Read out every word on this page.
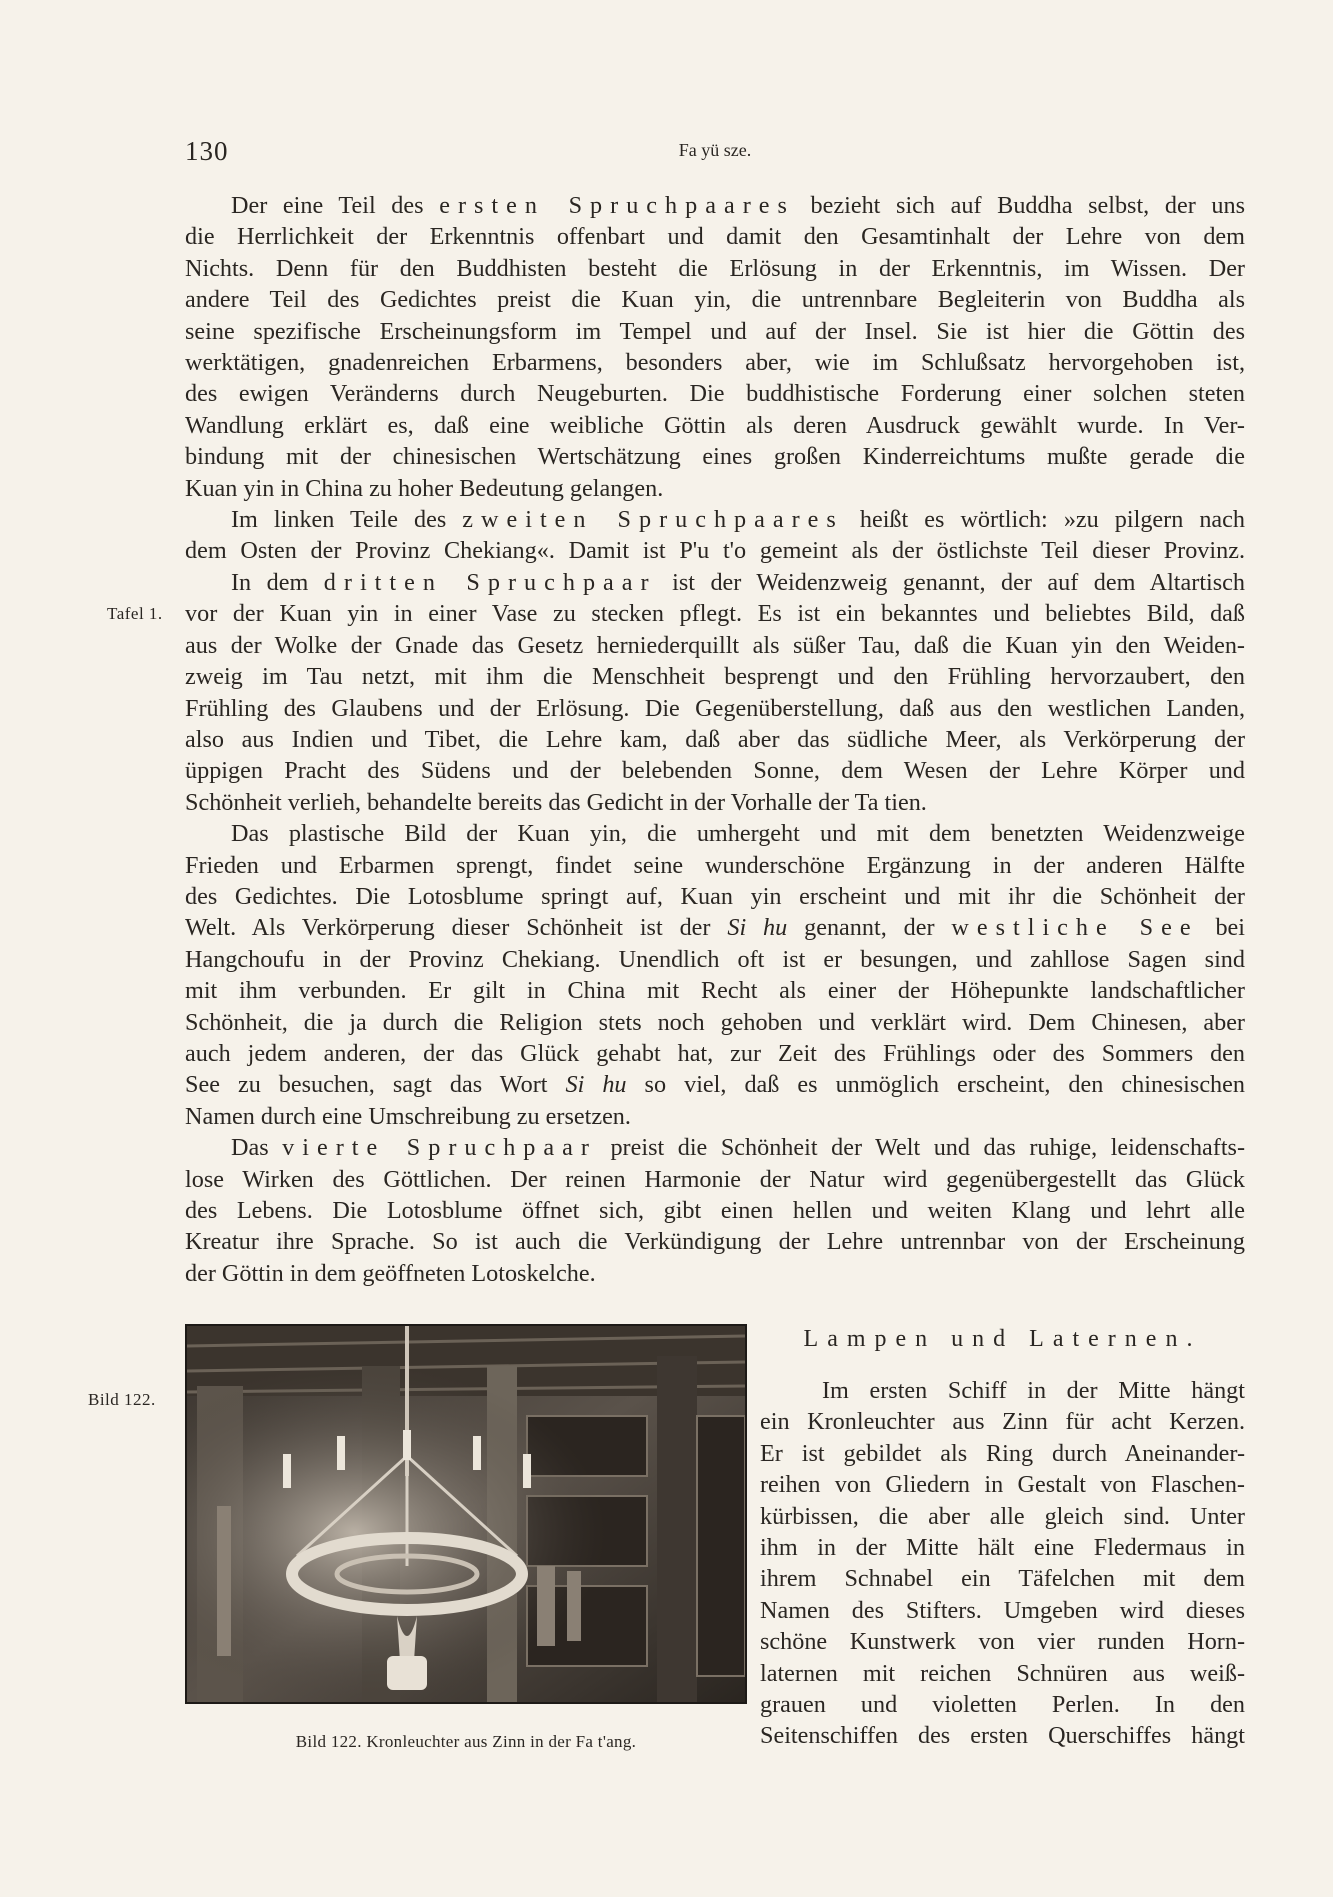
130	Fa yü sze.
Der eine Teil des ersten Spruchpaares bezieht sich auf Buddha selbst, der uns
die Herrlichkeit der Erkenntnis offenbart und damit den Gesamtinhalt der Lehre von dem
Nichts. Denn für den Buddhisten besteht die Erlösung in der Erkenntnis, im Wissen. Der
andere Teil des Gedichtes preist die Kuan yin, die untrennbare Begleiterin von Buddha als
seine spezifische Erscheinungsform im Tempel und auf der Insel. Sie ist hier die Göttin des
werktätigen, gnadenreichen Erbarmens, besonders aber, wie im Schlußsatz hervorgehoben ist,
des ewigen Veränderns durch Neugeburten. Die buddhistische Forderung einer solchen steten
Wandlung erklärt es, daß eine weibliche Göttin als deren Ausdruck gewählt wurde. In Ver-
bindung mit der chinesischen Wertschätzung eines großen Kinderreichtums mußte gerade die
Kuan yin in China zu hoher Bedeutung gelangen.
Im linken Teile des zweiten Spruchpaares heißt es wörtlich: »zu pilgern nach
dem Osten der Provinz Chekiang«. Damit ist P'u t'o gemeint als der östlichste Teil dieser Provinz.
In dem dritten Spruchpaar ist der Weidenzweig genannt, der auf dem Altartisch
vor der Kuan yin in einer Vase zu stecken pflegt. Es ist ein bekanntes und beliebtes Bild, daß
aus der Wolke der Gnade das Gesetz herniederquillt als süßer Tau, daß die Kuan yin den Weiden-
zweig im Tau netzt, mit ihm die Menschheit besprengt und den Frühling hervorzaubert, den
Frühling des Glaubens und der Erlösung. Die Gegenüberstellung, daß aus den westlichen Landen,
also aus Indien und Tibet, die Lehre kam, daß aber das südliche Meer, als Verkörperung der
üppigen Pracht des Südens und der belebenden Sonne, dem Wesen der Lehre Körper und
Schönheit verlieh, behandelte bereits das Gedicht in der Vorhalle der Ta tien.
Das plastische Bild der Kuan yin, die umhergeht und mit dem benetzten Weidenzweige
Frieden und Erbarmen sprengt, findet seine wunderschöne Ergänzung in der anderen Hälfte
des Gedichtes. Die Lotosblume springt auf, Kuan yin erscheint und mit ihr die Schönheit der
Welt. Als Verkörperung dieser Schönheit ist der Si hu genannt, der westliche See bei
Hangchoufu in der Provinz Chekiang. Unendlich oft ist er besungen, und zahllose Sagen sind
mit ihm verbunden. Er gilt in China mit Recht als einer der Höhepunkte landschaftlicher
Schönheit, die ja durch die Religion stets noch gehoben und verklärt wird. Dem Chinesen, aber
auch jedem anderen, der das Glück gehabt hat, zur Zeit des Frühlings oder des Sommers den
See zu besuchen, sagt das Wort Si hu so viel, daß es unmöglich erscheint, den chinesischen
Namen durch eine Umschreibung zu ersetzen.
Das vierte Spruchpaar preist die Schönheit der Welt und das ruhige, leidenschafts-
lose Wirken des Göttlichen. Der reinen Harmonie der Natur wird gegenübergestellt das Glück
des Lebens. Die Lotosblume öffnet sich, gibt einen hellen und weiten Klang und lehrt alle
Kreatur ihre Sprache. So ist auch die Verkündigung der Lehre untrennbar von der Erscheinung
der Göttin in dem geöffneten Lotoskelche.
Tafel 1.
Bild 122.
Bild 122. Kronleuchter aus Zinn in der Fa t'ang.
Lampen und Laternen.
Im ersten Schiff in der Mitte hängt
ein Kronleuchter aus Zinn für acht Kerzen.
Er ist gebildet als Ring durch Aneinander-
reihen von Gliedern in Gestalt von Flaschen-
kürbissen, die aber alle gleich sind. Unter
ihm in der Mitte hält eine Fledermaus in
ihrem Schnabel ein Täfelchen mit dem
Namen des Stifters. Umgeben wird dieses
schöne Kunstwerk von vier runden Horn-
laternen mit reichen Schnüren aus weiß-
grauen und violetten Perlen. In den
Seitenschiffen des ersten Querschiffes hängt
